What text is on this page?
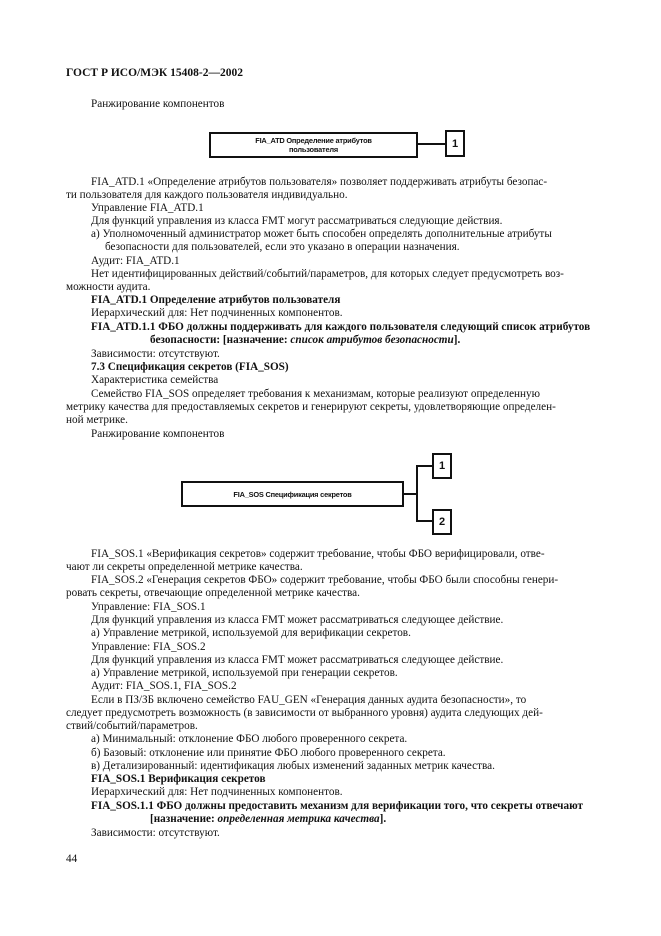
ГОСТ Р ИСО/МЭК 15408-2—2002
Ранжирование компонентов
FIA_ATD Определение атрибутов
пользователя	1
FIA_ATD.1 «Определение атрибутов пользователя» позволяет поддерживать атрибуты безопас-
ти пользователя для каждого пользователя индивидуально.
Управление FIA_ATD.1
Для функций управления из класса FMT могут рассматриваться следующие действия.
а) Уполномоченный администратор может быть способен определять дополнительные атрибуты
безопасности для пользователей, если это указано в операции назначения.
Аудит: FIA_ATD.1
Нет идентифицированных действий/событий/параметров, для которых следует предусмотреть воз-
можности аудита.
FIA_ATD.1 Определение атрибутов пользователя
Иерархический для: Нет подчиненных компонентов.
FIA_ATD.1.1 ФБО должны поддерживать для каждого пользователя следующий список атрибутов
безопасности: [назначение: список атрибутов безопасности].
Зависимости: отсутствуют.
7.3 Спецификация секретов (FIA_SOS)
Характеристика семейства
Семейство FIA_SOS определяет требования к механизмам, которые реализуют определенную
метрику качества для предоставляемых секретов и генерируют секреты, удовлетворяющие определен-
ной метрике.
Ранжирование компонентов
FIA_SOS Спецификация секретов
1
2
FIA_SOS.1 «Верификация секретов» содержит требование, чтобы ФБО верифицировали, отве-
чают ли секреты определенной метрике качества.
FIA_SOS.2 «Генерация секретов ФБО» содержит требование, чтобы ФБО были способны генери-
ровать секреты, отвечающие определенной метрике качества.
Управление: FIA_SOS.1
Для функций управления из класса FMT может рассматриваться следующее действие.
а) Управление метрикой, используемой для верификации секретов.
Управление: FIA_SOS.2
Для функций управления из класса FMT может рассматриваться следующее действие.
а) Управление метрикой, используемой при генерации секретов.
Аудит: FIA_SOS.1, FIA_SOS.2
Если в ПЗ/ЗБ включено семейство FAU_GEN «Генерация данных аудита безопасности», то
следует предусмотреть возможность (в зависимости от выбранного уровня) аудита следующих дей-
ствий/событий/параметров.
а) Минимальный: отклонение ФБО любого проверенного секрета.
б) Базовый: отклонение или принятие ФБО любого проверенного секрета.
в) Детализированный: идентификация любых изменений заданных метрик качества.
FIA_SOS.1 Верификация секретов
Иерархический для: Нет подчиненных компонентов.
FIA_SOS.1.1 ФБО должны предоставить механизм для верификации того, что секреты отвечают
[назначение: определенная метрика качества].
Зависимости: отсутствуют.
44
